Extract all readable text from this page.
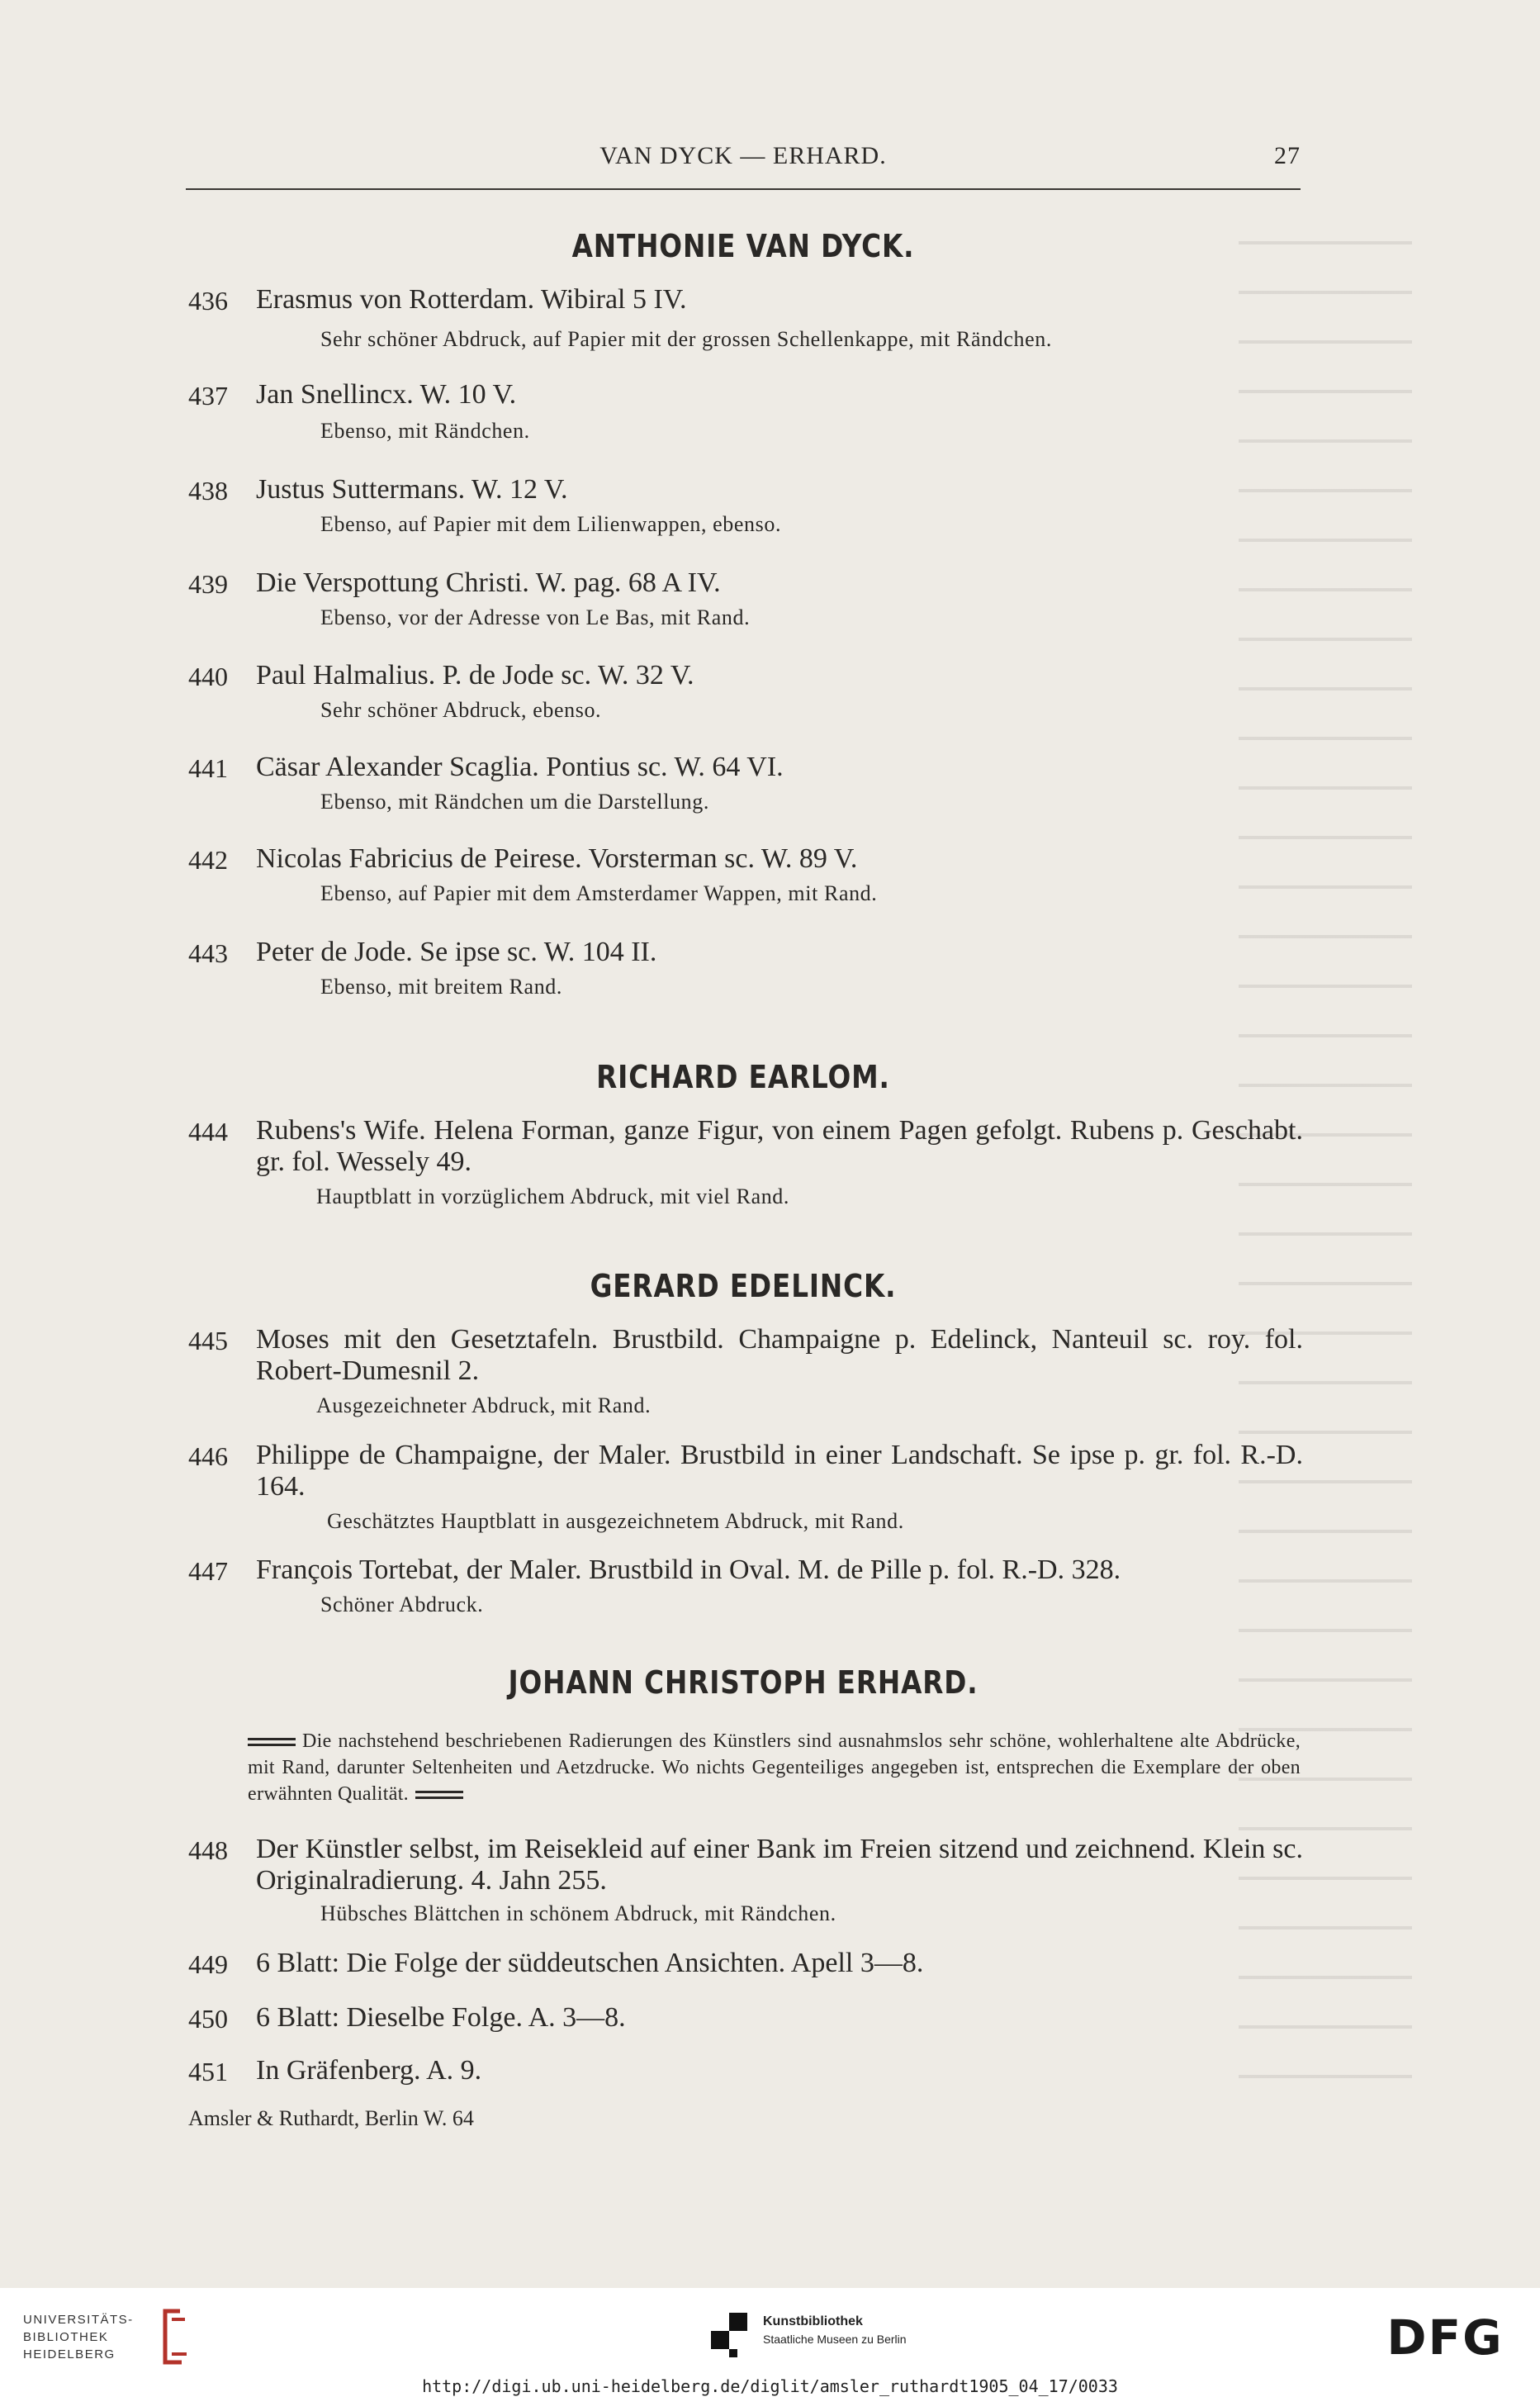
VAN DYCK — ERHARD.	27
ANTHONIE VAN DYCK.
436 Erasmus von Rotterdam. Wibiral 5 IV.
Sehr schöner Abdruck, auf Papier mit der grossen Schellenkappe, mit Rändchen.
437 Jan Snellincx. W. 10 V.
Ebenso, mit Rändchen.
438 Justus Suttermans. W. 12 V.
Ebenso, auf Papier mit dem Lilienwappen, ebenso.
439 Die Verspottung Christi. W. pag. 68 A IV.
Ebenso, vor der Adresse von Le Bas, mit Rand.
440 Paul Halmalius. P. de Jode sc. W. 32 V.
Sehr schöner Abdruck, ebenso.
441 Cäsar Alexander Scaglia. Pontius sc. W. 64 VI.
Ebenso, mit Rändchen um die Darstellung.
442 Nicolas Fabricius de Peirese. Vorsterman sc. W. 89 V.
Ebenso, auf Papier mit dem Amsterdamer Wappen, mit Rand.
443 Peter de Jode. Se ipse sc. W. 104 II.
Ebenso, mit breitem Rand.
RICHARD EARLOM.
444 Rubens's Wife. Helena Forman, ganze Figur, von einem Pagen gefolgt. Rubens p. Geschabt. gr. fol. Wessely 49.
Hauptblatt in vorzüglichem Abdruck, mit viel Rand.
GERARD EDELINCK.
445 Moses mit den Gesetztafeln. Brustbild. Champaigne p. Edelinck, Nanteuil sc. roy. fol. Robert-Dumesnil 2.
Ausgezeichneter Abdruck, mit Rand.
446 Philippe de Champaigne, der Maler. Brustbild in einer Landschaft. Se ipse p. gr. fol. R.-D. 164.
Geschätztes Hauptblatt in ausgezeichnetem Abdruck, mit Rand.
447 François Tortebat, der Maler. Brustbild in Oval. M. de Pille p. fol. R.-D. 328.
Schöner Abdruck.
JOHANN CHRISTOPH ERHARD.
Die nachstehend beschriebenen Radierungen des Künstlers sind ausnahmslos sehr schöne, wohlerhaltene alte Abdrücke, mit Rand, darunter Seltenheiten und Aetzdrucke. Wo nichts Gegenteiliges angegeben ist, entsprechen die Exemplare der oben erwähnten Qualität.
448 Der Künstler selbst, im Reisekleid auf einer Bank im Freien sitzend und zeichnend. Klein sc. Originalradierung. 4. Jahn 255.
Hübsches Blättchen in schönem Abdruck, mit Rändchen.
449 6 Blatt: Die Folge der süddeutschen Ansichten. Apell 3—8.
450 6 Blatt: Dieselbe Folge. A. 3—8.
451 In Gräfenberg. A. 9.
Amsler & Ruthardt, Berlin W. 64
UNIVERSITÄTS-
BIBLIOTHEK
HEIDELBERG
Kunstbibliothek
Staatliche Museen zu Berlin	DFG
http://digi.ub.uni-heidelberg.de/diglit/amsler_ruthardt1905_04_17/0033
